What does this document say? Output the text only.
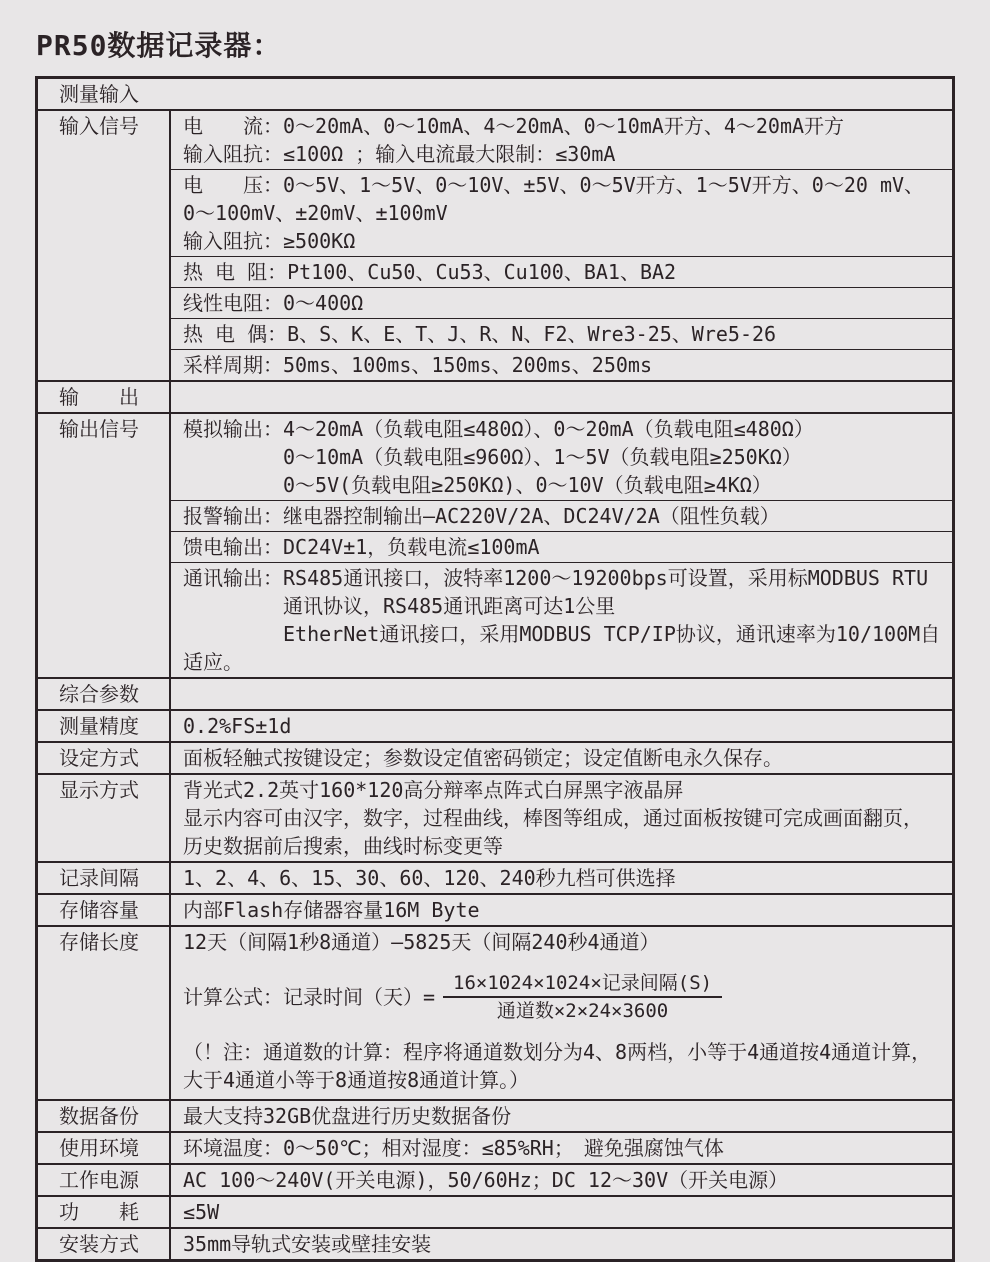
PR50数据记录器：
测量输入
输入信号	电　　流：0～20mA、0～10mA、4～20mA、0～10mA开方、4～20mA开方
输入阻抗：≤100Ω ；输入电流最大限制：≤30mA
电　　压：0～5V、1～5V、0～10V、±5V、0～5V开方、1～5V开方、0～20 mV、
0～100mV、±20mV、±100mV
输入阻抗：≥500KΩ
热 电 阻：Pt100、Cu50、Cu53、Cu100、BA1、BA2
线性电阻：0～400Ω
热 电 偶：B、S、K、E、T、J、R、N、F2、Wre3-25、Wre5-26
采样周期：50ms、100ms、150ms、200ms、250ms
输　　出
输出信号	模拟输出：4～20mA（负载电阻≤480Ω）、0～20mA（负载电阻≤480Ω）
　　　　　0～10mA（负载电阻≤960Ω）、1～5V（负载电阻≥250KΩ）
　　　　　0～5V(负载电阻≥250KΩ)、0～10V（负载电阻≥4KΩ）
报警输出：继电器控制输出—AC220V/2A、DC24V/2A（阻性负载）
馈电输出：DC24V±1，负载电流≤100mA
通讯输出：RS485通讯接口，波特率1200～19200bps可设置，采用标MODBUS RTU
　　　　　通讯协议，RS485通讯距离可达1公里
　　　　　EtherNet通讯接口，采用MODBUS TCP/IP协议，通讯速率为10/100M自适应。
综合参数
测量精度	0.2%FS±1d
设定方式	面板轻触式按键设定；参数设定值密码锁定；设定值断电永久保存。
显示方式	背光式2.2英寸160*120高分辩率点阵式白屏黑字液晶屏
显示内容可由汉字，数字，过程曲线，棒图等组成，通过面板按键可完成画面翻页，
历史数据前后搜索，曲线时标变更等
记录间隔	1、2、4、6、15、30、60、120、240秒九档可供选择
存储容量	内部Flash存储器容量16M Byte
存储长度	12天（间隔1秒8通道）—5825天（间隔240秒4通道）
计算公式：记录时间（天）= $\frac{\text{16×1024×1024×记录间隔(S)}}{\text{通道数×2×24×3600}}$
（！注：通道数的计算：程序将通道数划分为4、8两档，小等于4通道按4通道计算，
大于4通道小等于8通道按8通道计算。）
数据备份	最大支持32GB优盘进行历史数据备份
使用环境	环境温度：0～50℃；相对湿度：≤85%RH；　避免强腐蚀气体
工作电源	AC 100～240V(开关电源)，50/60Hz；DC 12～30V（开关电源）
功　　耗	≤5W
安装方式	35mm导轨式安装或壁挂安装
